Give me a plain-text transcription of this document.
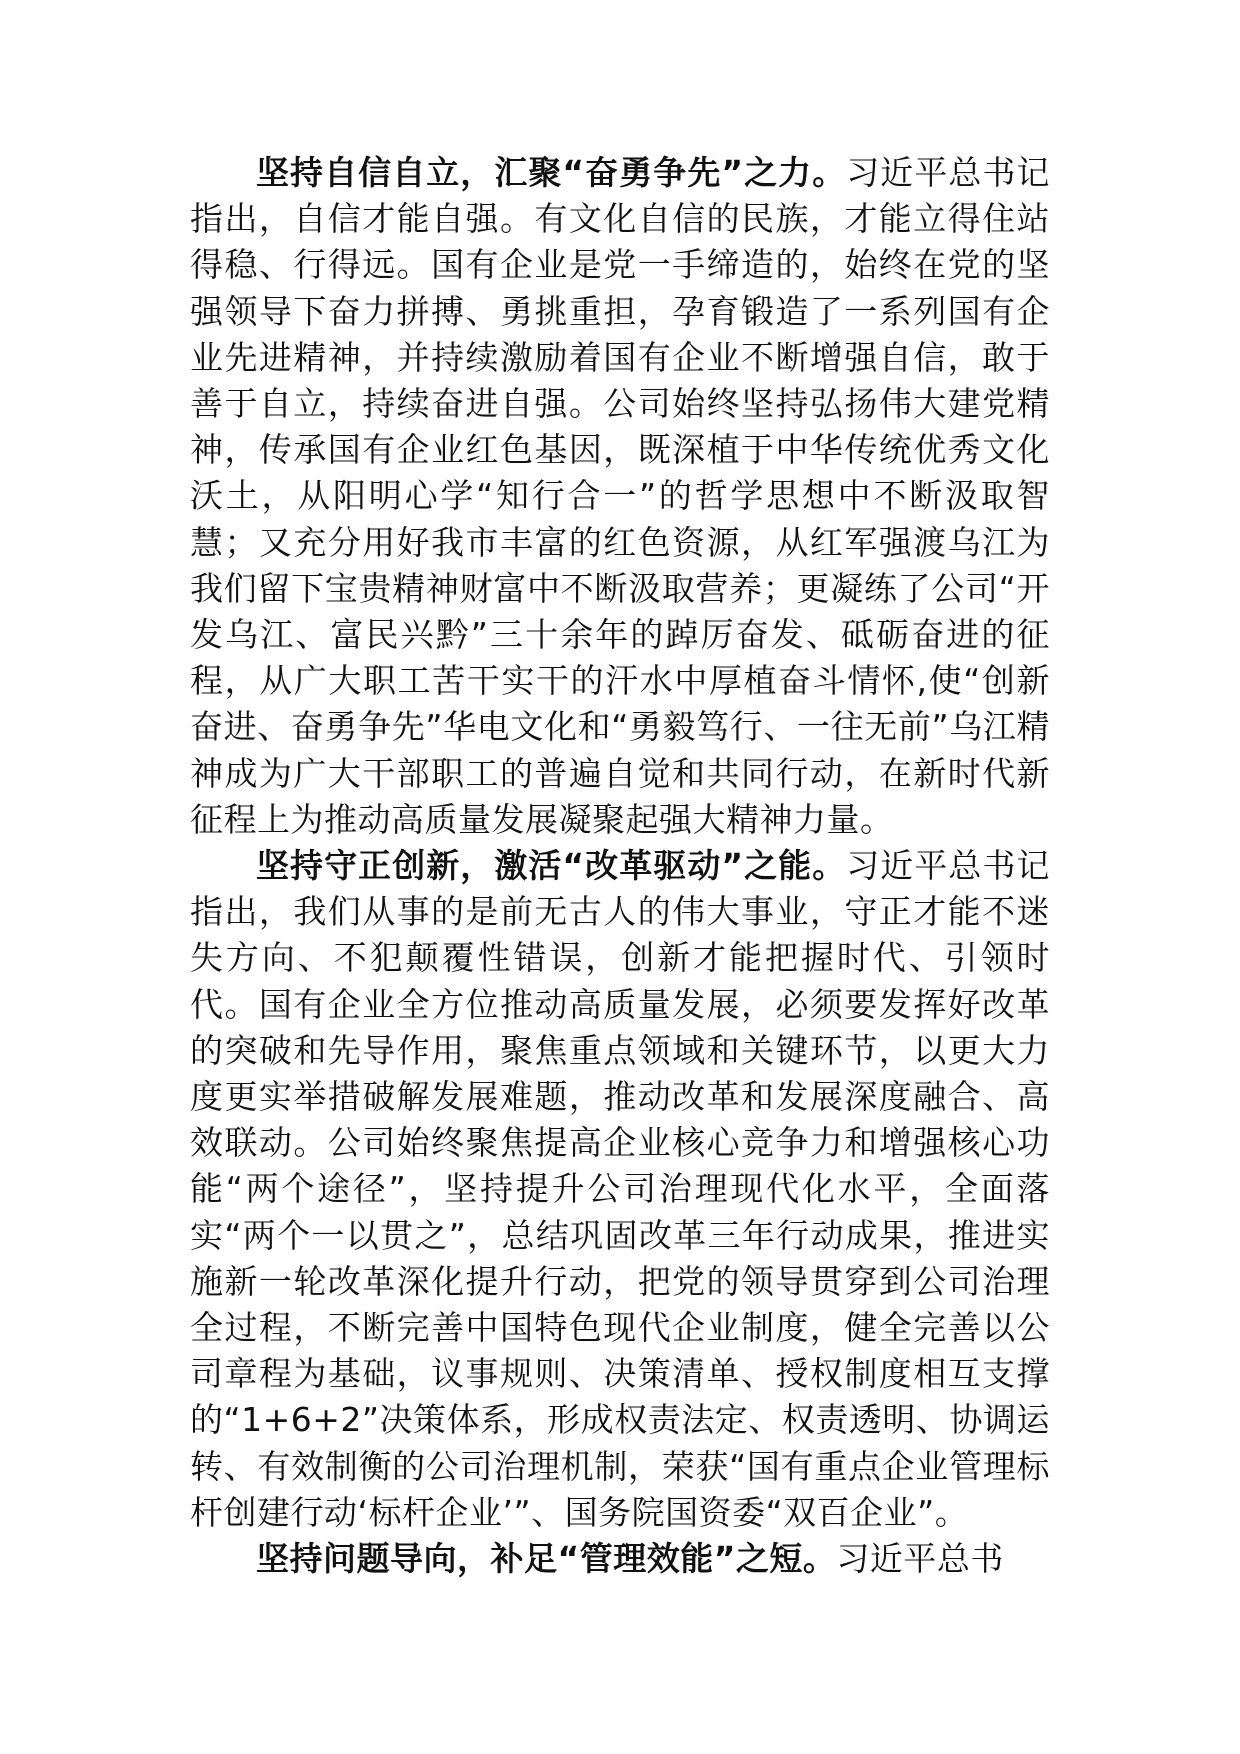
坚持自信自立，汇聚“奋勇争先”之力。习近平总书记指出，自信才能自强。有文化自信的民族，才能立得住站得稳、行得远。国有企业是党一手缔造的，始终在党的坚强领导下奋力拼搏、勇挑重担，孕育锻造了一系列国有企业先进精神，并持续激励着国有企业不断增强自信，敢于善于自立，持续奋进自强。公司始终坚持弘扬伟大建党精神，传承国有企业红色基因，既深植于中华传统优秀文化沃土，从阳明心学“知行合一”的哲学思想中不断汲取智慧；又充分用好我市丰富的红色资源，从红军强渡乌江为我们留下宝贵精神财富中不断汲取营养；更凝练了公司“开发乌江、富民兴黔”三十余年的踔厉奋发、砥砺奋进的征程，从广大职工苦干实干的汗水中厚植奋斗情怀,使“创新奋进、奋勇争先”华电文化和“勇毅笃行、一往无前”乌江精神成为广大干部职工的普遍自觉和共同行动，在新时代新征程上为推动高质量发展凝聚起强大精神力量。

坚持守正创新，激活“改革驱动”之能。习近平总书记指出，我们从事的是前无古人的伟大事业，守正才能不迷失方向、不犯颠覆性错误，创新才能把握时代、引领时代。国有企业全方位推动高质量发展，必须要发挥好改革的突破和先导作用，聚焦重点领域和关键环节，以更大力度更实举措破解发展难题，推动改革和发展深度融合、高效联动。公司始终聚焦提高企业核心竞争力和增强核心功能“两个途径”，坚持提升公司治理现代化水平，全面落实“两个一以贯之”，总结巩固改革三年行动成果，推进实施新一轮改革深化提升行动，把党的领导贯穿到公司治理全过程，不断完善中国特色现代企业制度，健全完善以公司章程为基础，议事规则、决策清单、授权制度相互支撑的“1+6+2”决策体系，形成权责法定、权责透明、协调运转、有效制衡的公司治理机制，荣获“国有重点企业管理标杆创建行动‘标杆企业’”、国务院国资委“双百企业”。

坚持问题导向，补足“管理效能”之短。习近平总书
